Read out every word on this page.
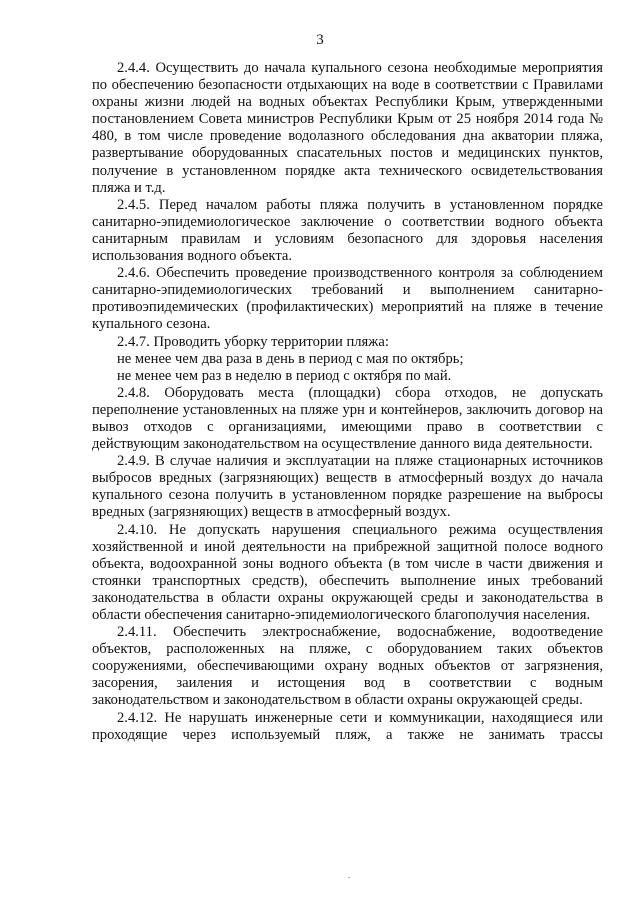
3

2.4.4. Осуществить до начала купального сезона необходимые мероприятия по обеспечению безопасности отдыхающих на воде в соответствии с Правилами охраны жизни людей на водных объектах Республики Крым, утвержденными постановлением Совета министров Республики Крым от 25 ноября 2014 года № 480, в том числе проведение водолазного обследования дна акватории пляжа, развертывание оборудованных спасательных постов и медицинских пунктов, получение в установленном порядке акта технического освидетельствования пляжа и т.д.

2.4.5. Перед началом работы пляжа получить в установленном порядке санитарно-эпидемиологическое заключение о соответствии водного объекта санитарным правилам и условиям безопасного для здоровья населения использования водного объекта.

2.4.6. Обеспечить проведение производственного контроля за соблюдением санитарно-эпидемиологических требований и выполнением санитарно-противоэпидемических (профилактических) мероприятий на пляже в течение купального сезона.

2.4.7. Проводить уборку территории пляжа:

не менее чем два раза в день в период с мая по октябрь;

не менее чем раз в неделю в период с октября по май.

2.4.8. Оборудовать места (площадки) сбора отходов, не допускать переполнение установленных на пляже урн и контейнеров, заключить договор на вывоз отходов с организациями, имеющими право в соответствии с действующим законодательством на осуществление данного вида деятельности.

2.4.9. В случае наличия и эксплуатации на пляже стационарных источников выбросов вредных (загрязняющих) веществ в атмосферный воздух до начала купального сезона получить в установленном порядке разрешение на выбросы вредных (загрязняющих) веществ в атмосферный воздух.

2.4.10. Не допускать нарушения специального режима осуществления хозяйственной и иной деятельности на прибрежной защитной полосе водного объекта, водоохранной зоны водного объекта (в том числе в части движения и стоянки транспортных средств), обеспечить выполнение иных требований законодательства в области охраны окружающей среды и законодательства в области обеспечения санитарно-эпидемиологического благополучия населения.

2.4.11. Обеспечить электроснабжение, водоснабжение, водоотведение объектов, расположенных на пляже, с оборудованием таких объектов сооружениями, обеспечивающими охрану водных объектов от загрязнения, засорения, заиления и истощения вод в соответствии с водным законодательством и законодательством в области охраны окружающей среды.

2.4.12. Не нарушать инженерные сети и коммуникации, находящиеся или проходящие через используемый пляж, а также не занимать трассы

.
